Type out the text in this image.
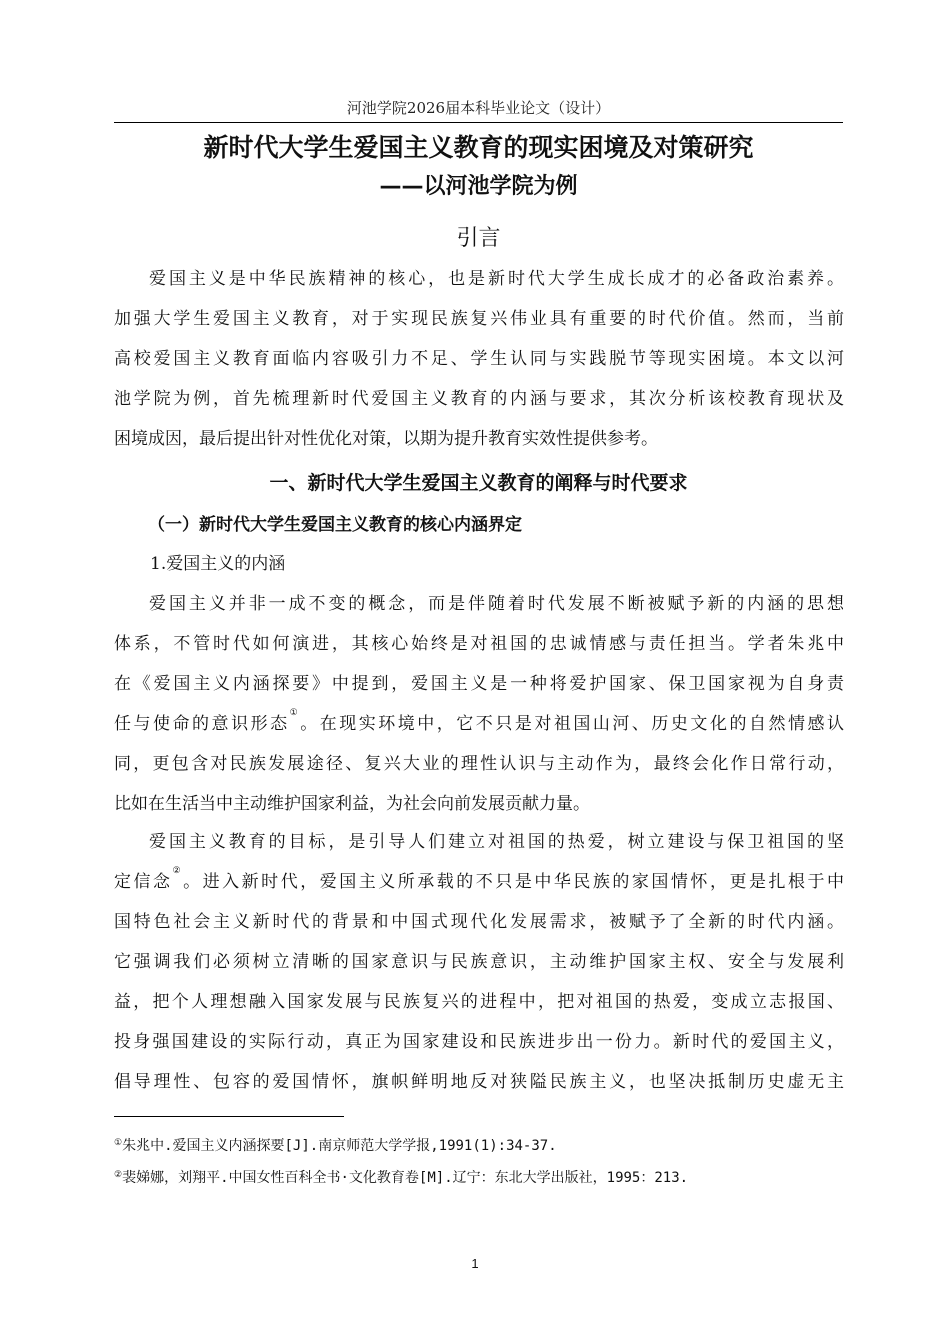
河池学院2026届本科毕业论文（设计）
新时代大学生爱国主义教育的现实困境及对策研究
——以河池学院为例
引言
爱国主义是中华民族精神的核心，也是新时代大学生成长成才的必备政治素养。
加强大学生爱国主义教育，对于实现民族复兴伟业具有重要的时代价值。然而，当前
高校爱国主义教育面临内容吸引力不足、学生认同与实践脱节等现实困境。本文以河
池学院为例，首先梳理新时代爱国主义教育的内涵与要求，其次分析该校教育现状及
困境成因，最后提出针对性优化对策，以期为提升教育实效性提供参考。
一、新时代大学生爱国主义教育的阐释与时代要求
（一）新时代大学生爱国主义教育的核心内涵界定
1.爱国主义的内涵
爱国主义并非一成不变的概念，而是伴随着时代发展不断被赋予新的内涵的思想
体系，不管时代如何演进，其核心始终是对祖国的忠诚情感与责任担当。学者朱兆中
在《爱国主义内涵探要》中提到，爱国主义是一种将爱护国家、保卫国家视为自身责
任与使命的意识形态①。在现实环境中，它不只是对祖国山河、历史文化的自然情感认
同，更包含对民族发展途径、复兴大业的理性认识与主动作为，最终会化作日常行动，
比如在生活当中主动维护国家利益，为社会向前发展贡献力量。
爱国主义教育的目标，是引导人们建立对祖国的热爱，树立建设与保卫祖国的坚
定信念②。进入新时代，爱国主义所承载的不只是中华民族的家国情怀，更是扎根于中
国特色社会主义新时代的背景和中国式现代化发展需求，被赋予了全新的时代内涵。
它强调我们必须树立清晰的国家意识与民族意识，主动维护国家主权、安全与发展利
益，把个人理想融入国家发展与民族复兴的进程中，把对祖国的热爱，变成立志报国、
投身强国建设的实际行动，真正为国家建设和民族进步出一份力。新时代的爱国主义，
倡导理性、包容的爱国情怀，旗帜鲜明地反对狭隘民族主义，也坚决抵制历史虚无主
①朱兆中.爱国主义内涵探要[J].南京师范大学学报,1991(1):34-37.
②裴娣娜，刘翔平.中国女性百科全书·文化教育卷[M].辽宁：东北大学出版社，1995：213.
1
